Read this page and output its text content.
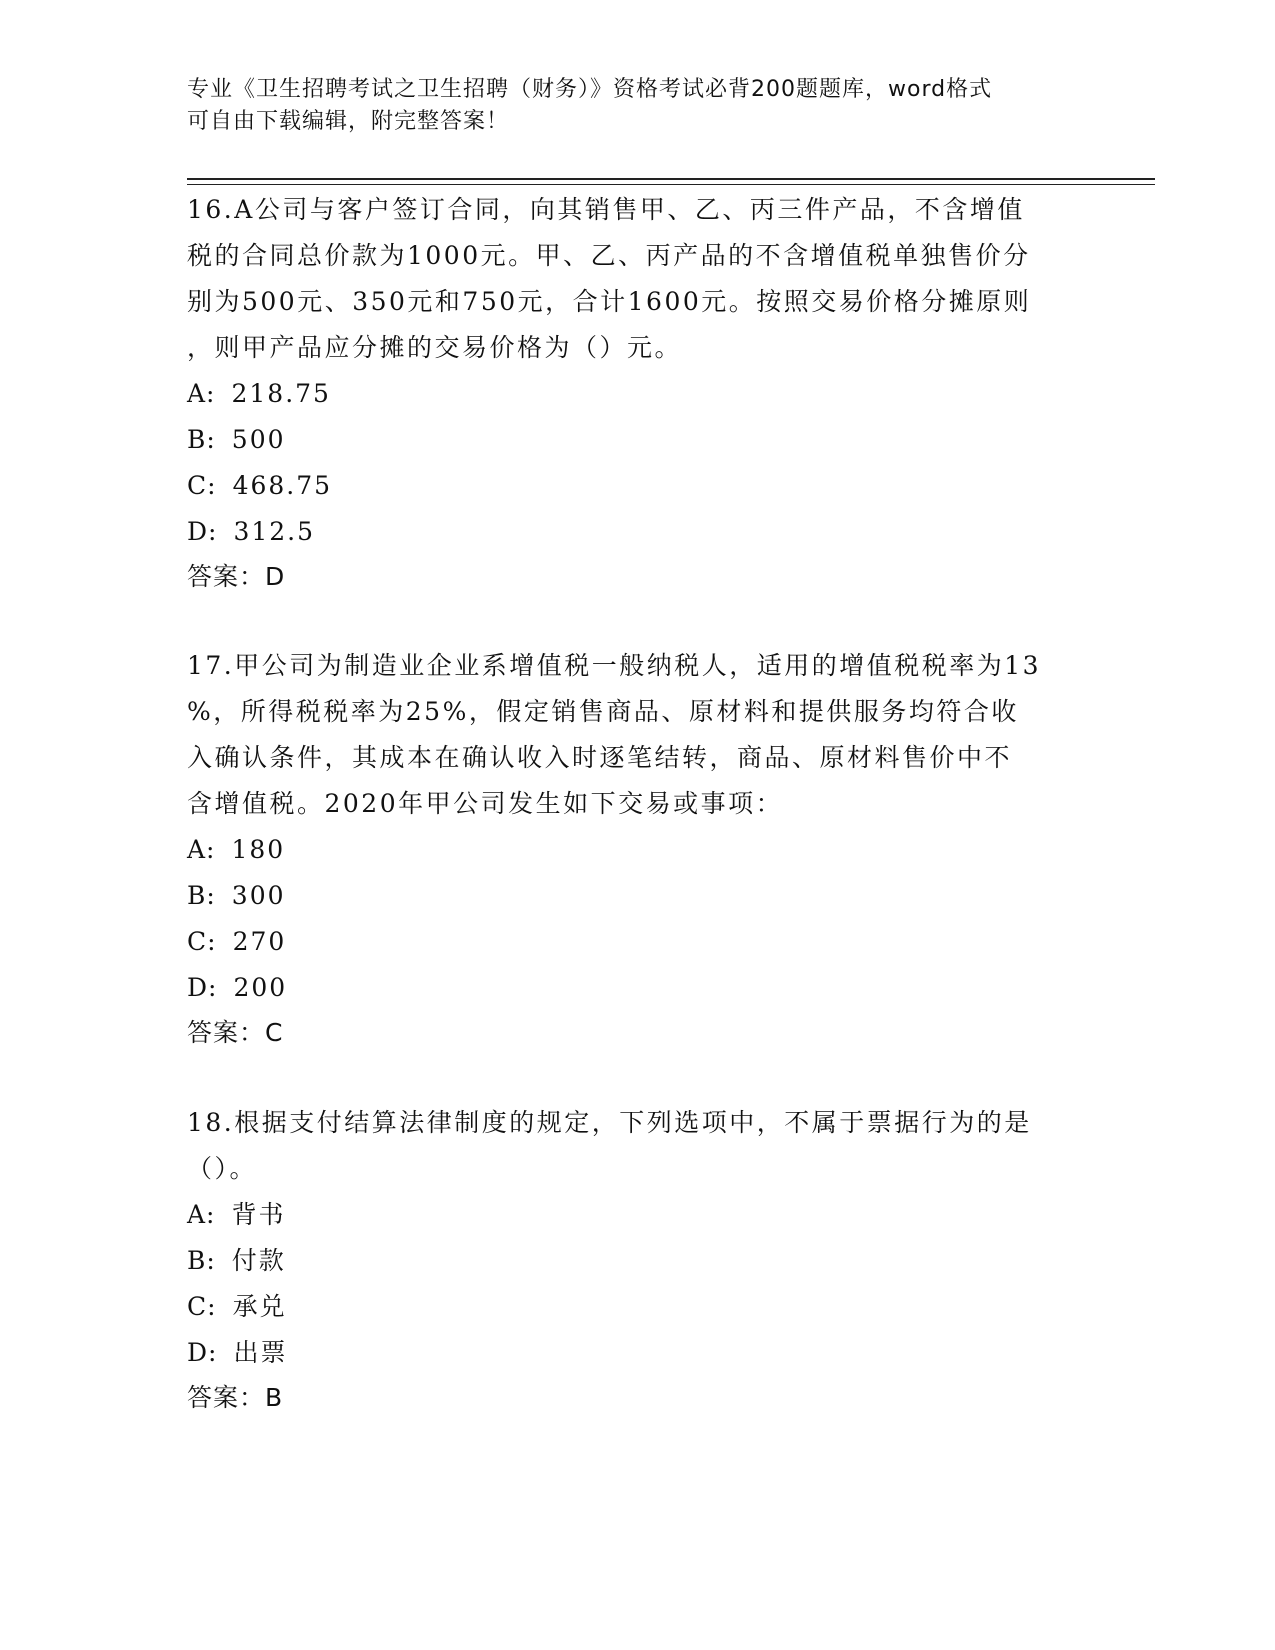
专业《卫生招聘考试之卫生招聘（财务）》资格考试必背200题题库，word格式
可自由下载编辑，附完整答案！
16.A公司与客户签订合同，向其销售甲、乙、丙三件产品，不含增值
税的合同总价款为1000元。甲、乙、丙产品的不含增值税单独售价分
别为500元、350元和750元，合计1600元。按照交易价格分摊原则
，则甲产品应分摊的交易价格为（）元。
A: 218.75
B: 500
C: 468.75
D: 312.5
答案：D
17.甲公司为制造业企业系增值税一般纳税人，适用的增值税税率为13
%，所得税税率为25%，假定销售商品、原材料和提供服务均符合收
入确认条件，其成本在确认收入时逐笔结转，商品、原材料售价中不
含增值税。2020年甲公司发生如下交易或事项：
A: 180
B: 300
C: 270
D: 200
答案：C
18.根据支付结算法律制度的规定，下列选项中，不属于票据行为的是
（）。
A: 背书
B: 付款
C: 承兑
D: 出票
答案：B
